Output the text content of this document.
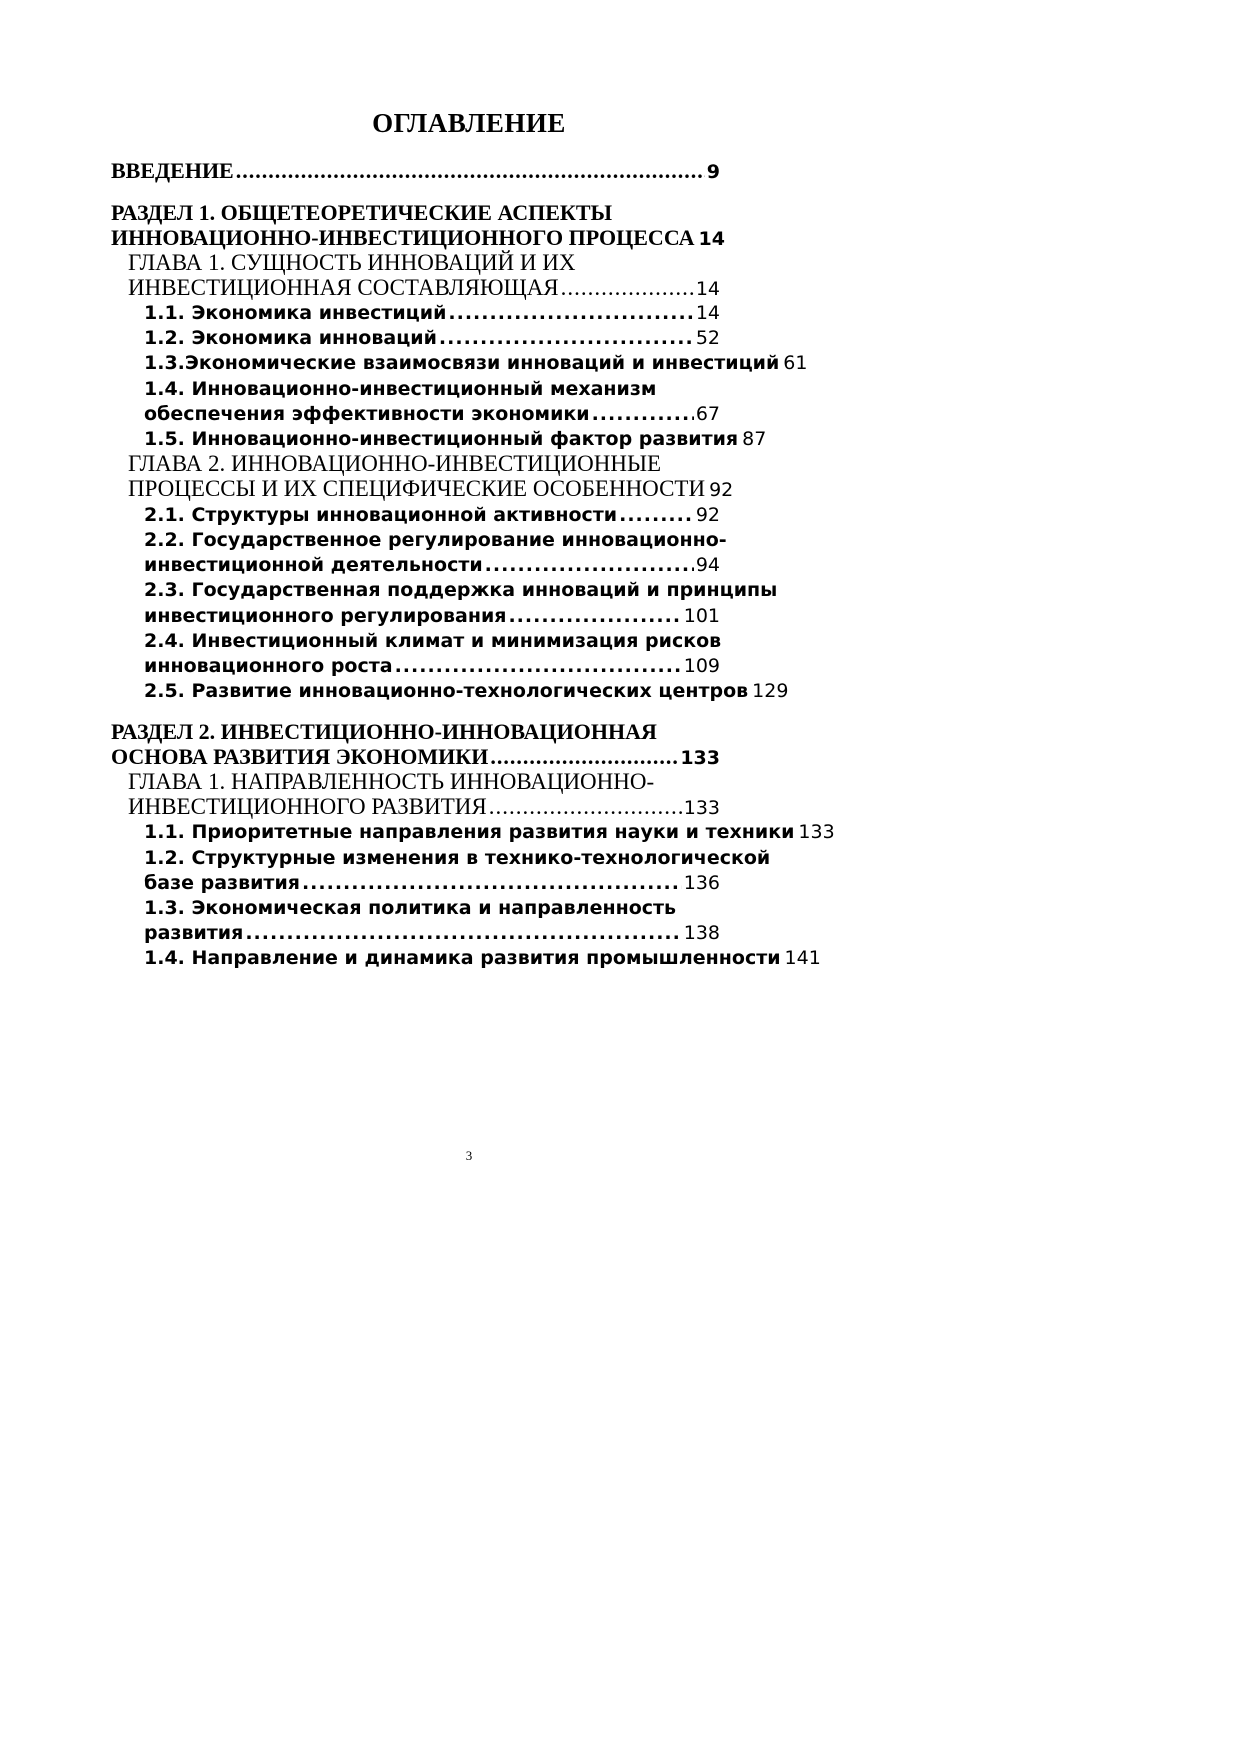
ОГЛАВЛЕНИЕ
ВВЕДЕНИЕ .....	9
РАЗДЕЛ 1. ОБЩЕТЕОРЕТИЧЕСКИЕ АСПЕКТЫ
ИННОВАЦИОННО-ИНВЕСТИЦИОННОГО ПРОЦЕССА 14
ГЛАВА 1. СУЩНОСТЬ ИННОВАЦИЙ И ИХ
ИНВЕСТИЦИОННАЯ СОСТАВЛЯЮЩАЯ .....	14
1.1. Экономика инвестиций .....	14
1.2. Экономика инноваций .....	52
1.3.Экономические взаимосвязи инноваций и инвестиций 61
1.4. Инновационно-инвестиционный механизм
обеспечения эффективности экономики .....	67
1.5. Инновационно-инвестиционный фактор развития 87
ГЛАВА 2. ИННОВАЦИОННО-ИНВЕСТИЦИОННЫЕ
ПРОЦЕССЫ И ИХ СПЕЦИФИЧЕСКИЕ ОСОБЕННОСТИ 92
2.1. Структуры инновационной активности .....	92
2.2. Государственное регулирование инновационно-
инвестиционной деятельности .....	94
2.3. Государственная поддержка инноваций и принципы
инвестиционного регулирования .....	101
2.4. Инвестиционный климат и минимизация рисков
инновационного роста .....	109
2.5. Развитие инновационно-технологических центров 129
РАЗДЕЛ 2. ИНВЕСТИЦИОННО-ИННОВАЦИОННАЯ
ОСНОВА РАЗВИТИЯ ЭКОНОМИКИ .....	133
ГЛАВА 1. НАПРАВЛЕННОСТЬ ИННОВАЦИОННО-
ИНВЕСТИЦИОННОГО РАЗВИТИЯ .....	133
1.1. Приоритетные направления развития науки и техники 133
1.2. Структурные изменения в технико-технологической
базе развития .....	136
1.3. Экономическая политика и направленность
развития .....	138
1.4. Направление и динамика развития промышленности 141
3
